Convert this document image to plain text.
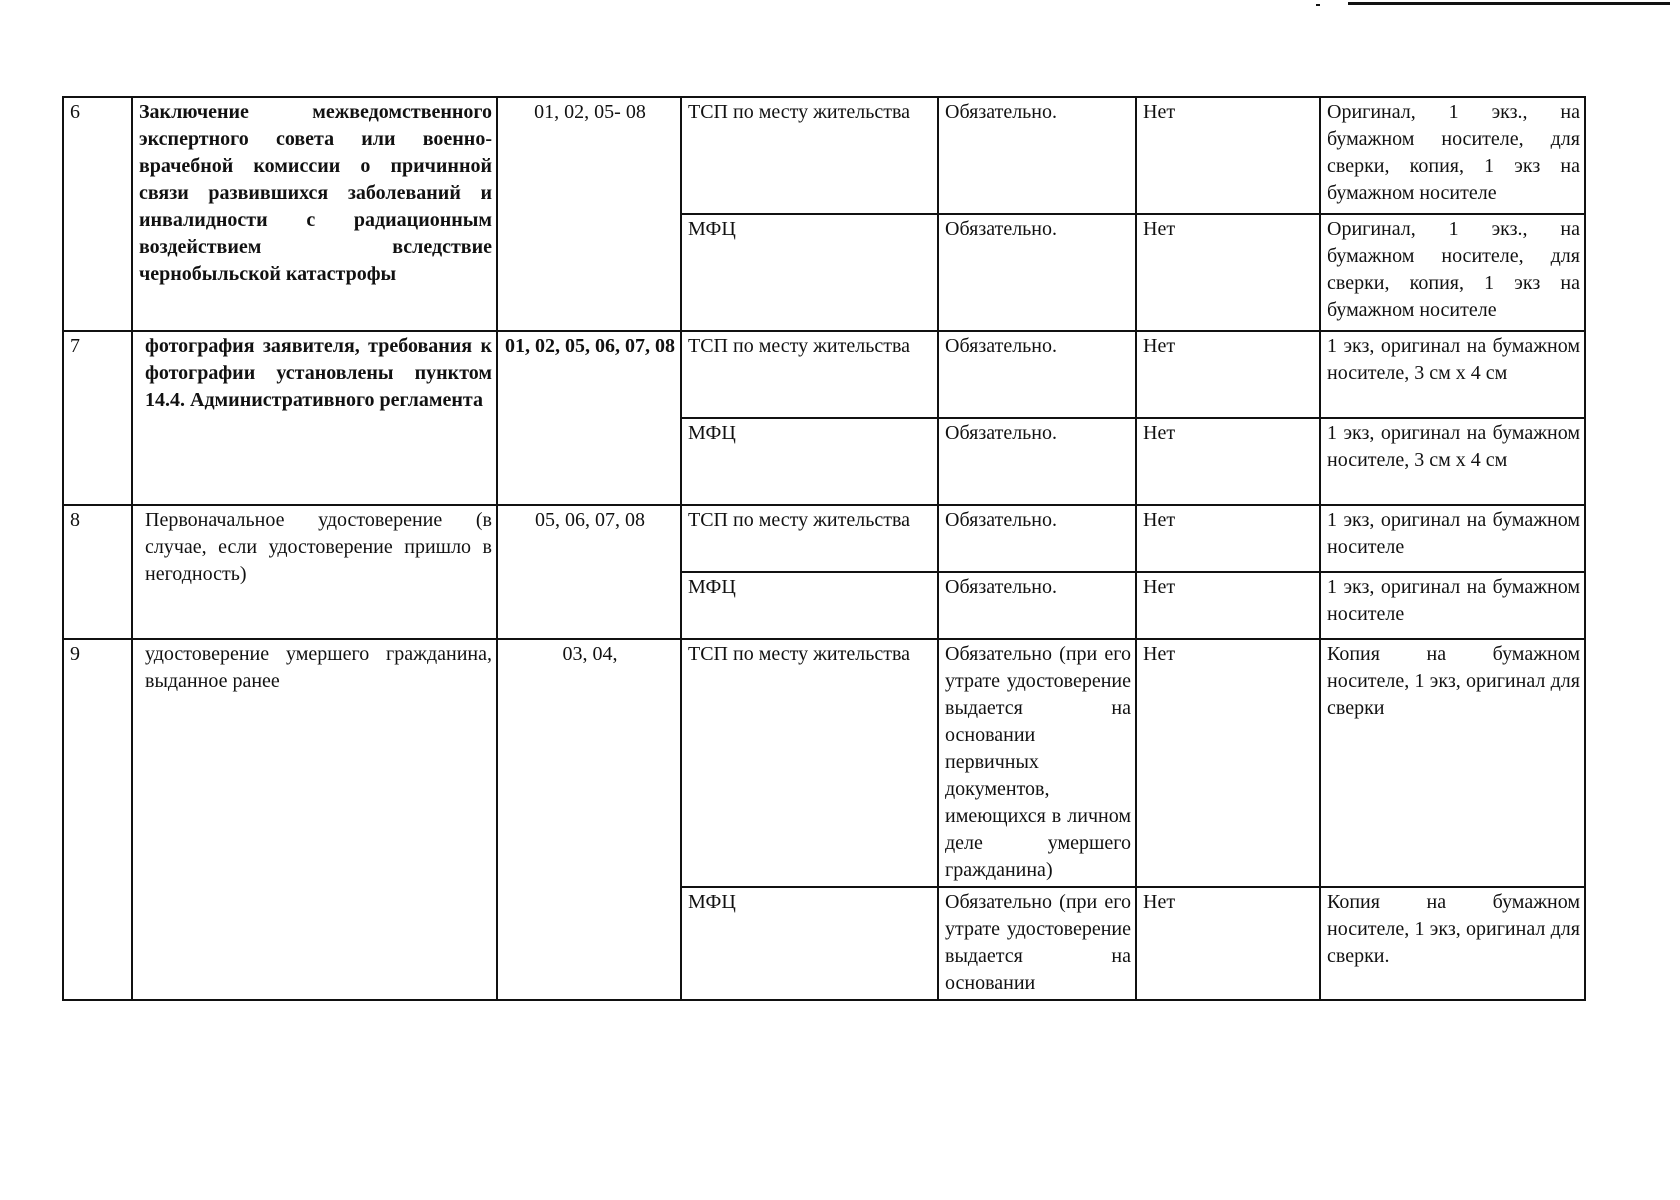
6	Заключение межведомственного экспертного совета или военно-врачебной комиссии о причинной связи развившихся заболеваний и инвалидности с радиационным воздействием вследствие чернобыльской катастрофы	01, 02, 05- 08	ТСП по месту жительства	Обязательно.	Нет	Оригинал, 1 экз., на бумажном носителе, для сверки, копия, 1 экз на бумажном носителе
			МФЦ	Обязательно.	Нет	Оригинал, 1 экз., на бумажном носителе, для сверки, копия, 1 экз на бумажном носителе
7	фотография заявителя, требования к фотографии установлены пунктом 14.4. Административного регламента	01, 02, 05, 06, 07, 08	ТСП по месту жительства	Обязательно.	Нет	1 экз, оригинал на бумажном носителе, 3 см х 4 см
			МФЦ	Обязательно.	Нет	1 экз, оригинал на бумажном носителе, 3 см х 4 см
8	Первоначальное удостоверение (в случае, если удостоверение пришло в негодность)	05, 06, 07, 08	ТСП по месту жительства	Обязательно.	Нет	1 экз, оригинал на бумажном носителе
			МФЦ	Обязательно.	Нет	1 экз, оригинал на бумажном носителе
9	удостоверение умершего гражданина, выданное ранее	03, 04,	ТСП по месту жительства	Обязательно (при его утрате удостоверение выдается на основании первичных документов, имеющихся в личном деле умершего гражданина)	Нет	Копия на бумажном носителе, 1 экз, оригинал для сверки
			МФЦ	Обязательно (при его утрате удостоверение выдается на основании	Нет	Копия на бумажном носителе, 1 экз, оригинал для сверки.
